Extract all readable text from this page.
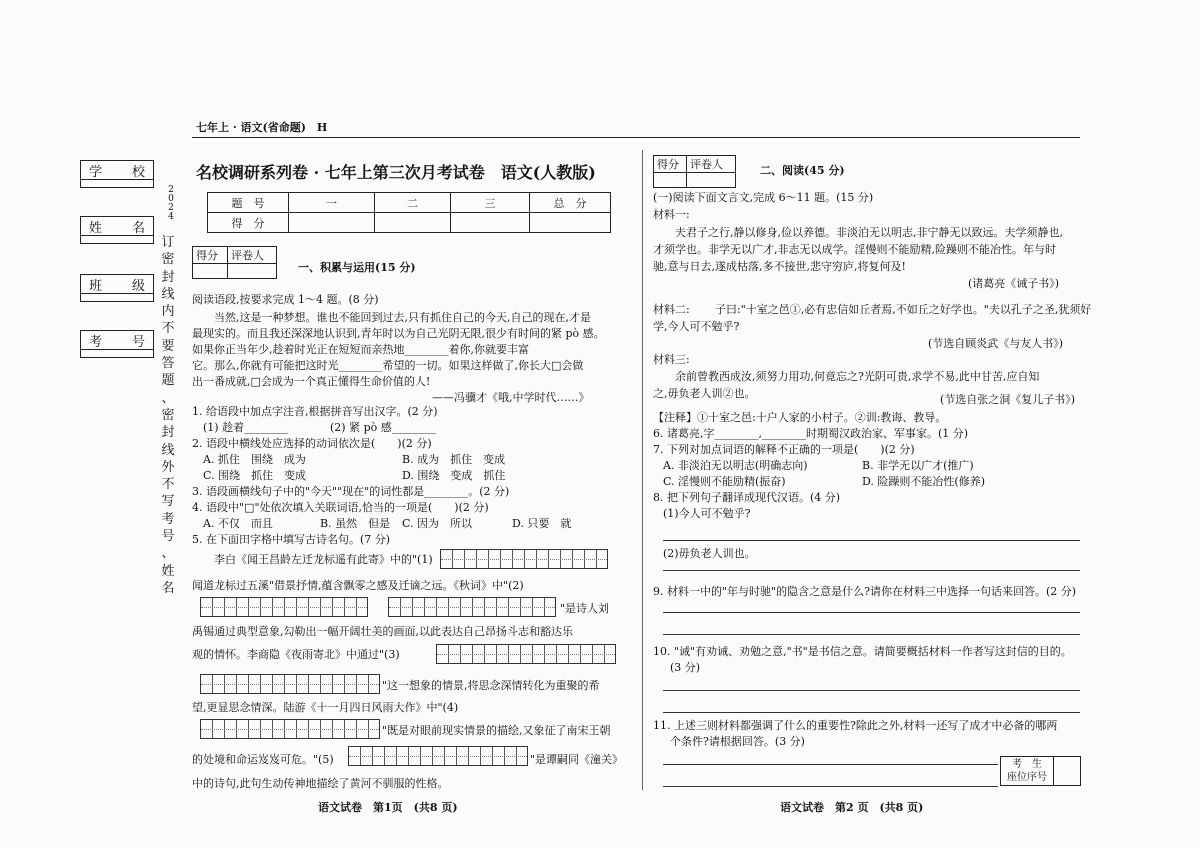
七年上 · 语文(省命题)　H
学 校
姓 名
班 级
考 号
2
0
2
4
订
密
封
线
内
不
要
答
题
、
密
封
线
外
不
写
考
号
、
姓
名
名校调研系列卷 · 七年上第三次月考试卷　语文(人教版)
题　号	一	二	三	总　分
得　分				
得分	评卷人

一、积累与运用(15 分)
阅读语段,按要求完成 1～4 题。(8 分)
　　当然,这是一种梦想。谁也不能回到过去,只有抓住自己的今天,自己的现在,才是
最现实的。而且我还深深地认识到,青年时以为自己光阴无限,很少有时间的紧 pò 感。
如果你正当年少,趁着时光正在短短而亲热地________着你,你就要丰富
它。那么,你就有可能把这时光________希望的一切。如果这样做了,你长大□会做
出一番成就,□会成为一个真正懂得生命价值的人!
——冯骥才《哦,中学时代……》
1. 给语段中加点字注音,根据拼音写出汉字。(2 分)
(1) 趁着________	(2) 紧 pò 感________
2. 语段中横线处应选择的动词依次是(　　)(2 分)
A. 抓住　围绕　成为	B. 成为　抓住　变成
C. 围绕　抓住　变成	D. 围绕　变成　抓住
3. 语段画横线句子中的"今天""现在"的词性都是________。(2 分)
4. 语段中"□"处依次填入关联词语,恰当的一项是(　　)(2 分)
A. 不仅　而且	B. 虽然　但是 C. 因为　所以	D. 只要　就
5. 在下面田字格中填写古诗名句。(7 分)
　　李白《闻王昌龄左迁龙标遥有此寄》中的"(1)
闻道龙标过五溪"借景抒情,蕴含飘零之感及迁谪之远。《秋词》中"(2)
"是诗人刘
禹锡通过典型意象,勾勒出一幅开阔壮美的画面,以此表达自己昂扬斗志和豁达乐
观的情怀。李商隐《夜雨寄北》中通过"(3)
"这一想象的情景,将思念深情转化为重聚的希
望,更显思念情深。陆游《十一月四日风雨大作》中"(4)
"既是对眼前现实情景的描绘,又象征了南宋王朝
的处境和命运岌岌可危。"(5)	"是谭嗣同《潼关》
中的诗句,此句生动传神地描绘了黄河不驯服的性格。
语文试卷　第1页　(共8 页)
得分	评卷人
		二、阅读(45 分)
(一)阅读下面文言文,完成 6～11 题。(15 分)
材料一:
　　夫君子之行,静以修身,俭以养德。非淡泊无以明志,非宁静无以致远。夫学须静也,
才须学也。非学无以广才,非志无以成学。淫慢则不能励精,险躁则不能冶性。年与时
驰,意与日去,遂成枯落,多不接世,悲守穷庐,将复何及!
(诸葛亮《诫子书》)
材料二: 　　子曰:"十室之邑①,必有忠信如丘者焉,不如丘之好学也。"夫以孔子之圣,犹须好
学,今人可不勉乎?
(节选自顾炎武《与友人书》)
材料三:
　　余前曾教西成汝,须努力用功,何竟忘之?光阴可贵,求学不易,此中甘苦,应自知
之,毋负老人训②也。	(节选自张之洞《复儿子书》)
【注释】①十室之邑:十户人家的小村子。②训:教诲、教导。
6. 诸葛亮,字________,________时期蜀汉政治家、军事家。(1 分)
7. 下列对加点词语的解释不正确的一项是(　　)(2 分)
A. 非淡泊无以明志(明确志向)	B. 非学无以广才(推广)
C. 淫慢则不能励精(振奋)	D. 险躁则不能冶性(修养)
8. 把下列句子翻译成现代汉语。(4 分)
(1)今人可不勉乎?
(2)毋负老人训也。
9. 材料一中的"年与时驰"的隐含之意是什么?请你在材料三中选择一句话来回答。(2 分)
10. "诫"有劝诫、劝勉之意,"书"是书信之意。请简要概括材料一作者写这封信的目的。
(3 分)
11. 上述三则材料都强调了什么的重要性?除此之外,材料一还写了成才中必备的哪两
个条件?请根据回答。(3 分)
考　生
座位序号

语文试卷　第2 页　(共8 页)
